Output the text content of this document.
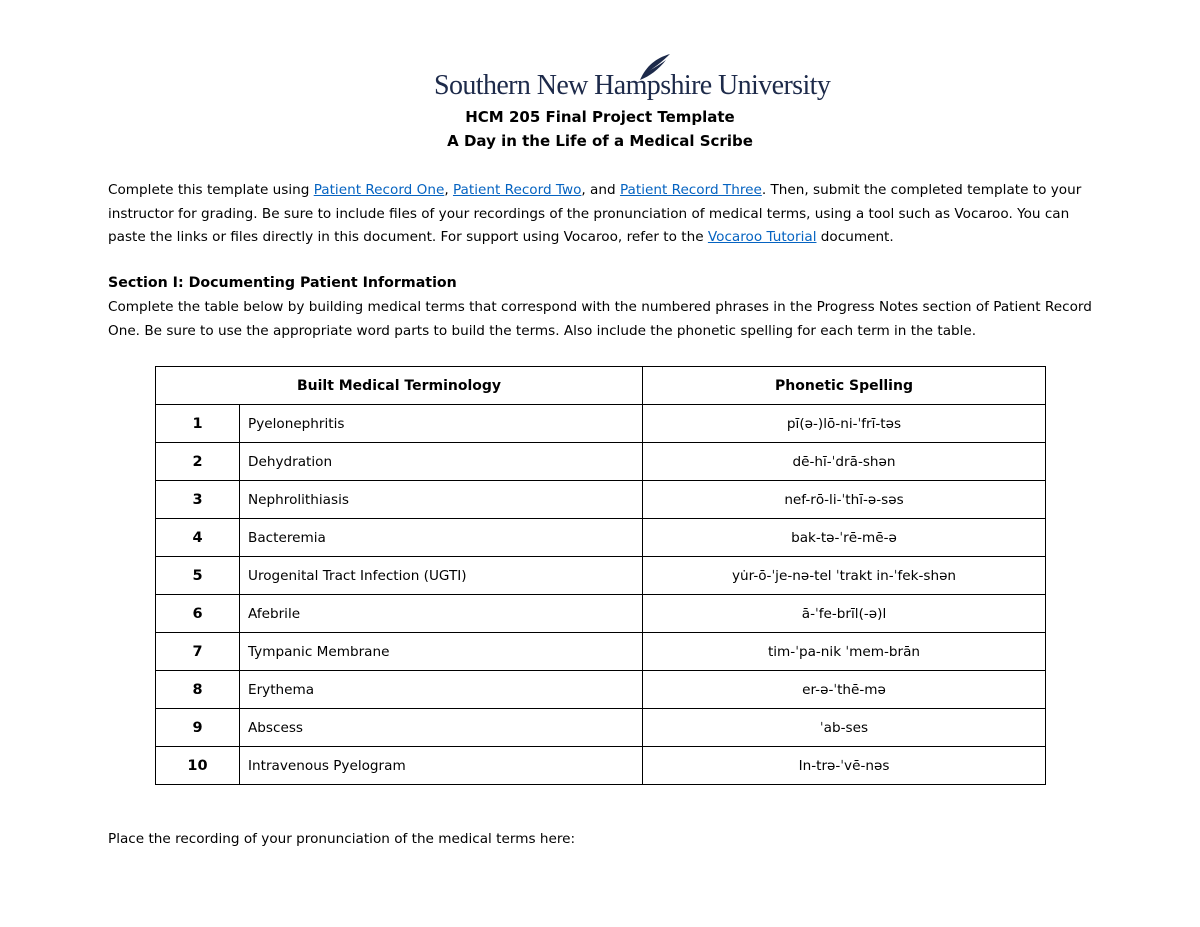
Southern New Hampshire University
HCM 205 Final Project Template
A Day in the Life of a Medical Scribe
Complete this template using Patient Record One, Patient Record Two, and Patient Record Three. Then, submit the completed template to your instructor for grading. Be sure to include files of your recordings of the pronunciation of medical terms, using a tool such as Vocaroo. You can paste the links or files directly in this document. For support using Vocaroo, refer to the Vocaroo Tutorial document.
Section I: Documenting Patient Information
Complete the table below by building medical terms that correspond with the numbered phrases in the Progress Notes section of Patient Record One. Be sure to use the appropriate word parts to build the terms. Also include the phonetic spelling for each term in the table.
Built Medical Terminology		Phonetic Spelling
1	Pyelonephritis	pī(ə-)lō-ni-ˈfrī-təs
2	Dehydration	dē-hī-ˈdrā-shən
3	Nephrolithiasis	nef-rō-li-ˈthī-ə-səs
4	Bacteremia	bak-tə-ˈrē-mē-ə
5	Urogenital Tract Infection (UGTI)	yu̇r-ō-ˈje-nə-tel ˈtrakt in-ˈfek-shən
6	Afebrile	ā-ˈfe-brīl(-ə)l
7	Tympanic Membrane	tim-ˈpa-nik ˈmem-brān
8	Erythema	er-ə-ˈthē-mə
9	Abscess	ˈab-ses
10	Intravenous Pyelogram	In-trə-ˈvē-nəs
Place the recording of your pronunciation of the medical terms here:
